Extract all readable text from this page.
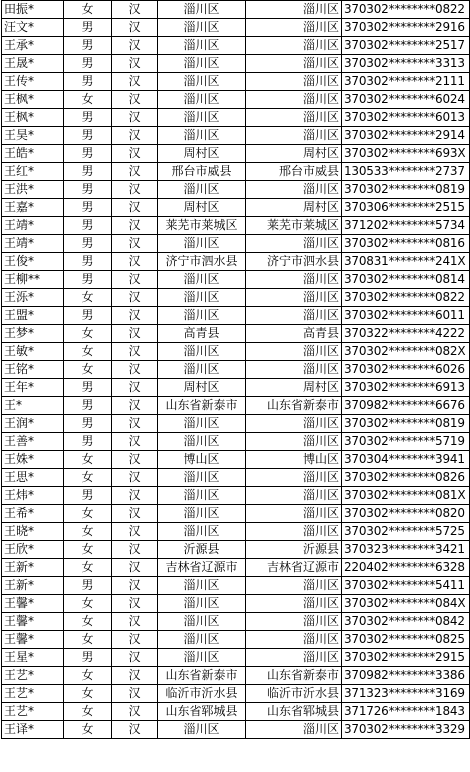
田振*	女	汉	淄川区	淄川区	370302********0822
汪文*	男	汉	淄川区	淄川区	370302********2916
王承*	男	汉	淄川区	淄川区	370302********2517
王晟*	男	汉	淄川区	淄川区	370302********3313
王传*	男	汉	淄川区	淄川区	370302********2111
王枫*	女	汉	淄川区	淄川区	370302********6024
王枫*	男	汉	淄川区	淄川区	370302********6013
王昊*	男	汉	淄川区	淄川区	370302********2914
王皓*	男	汉	周村区	周村区	370302********693X
王红*	男	汉	邢台市威县	邢台市威县	130533********2737
王洪*	男	汉	淄川区	淄川区	370302********0819
王嘉*	男	汉	周村区	周村区	370306********2515
王靖*	男	汉	莱芜市莱城区	莱芜市莱城区	371202********5734
王靖*	男	汉	淄川区	淄川区	370302********0816
王俊*	男	汉	济宁市泗水县	济宁市泗水县	370831********241X
王柳**	男	汉	淄川区	淄川区	370302********0814
王泺*	女	汉	淄川区	淄川区	370302********0822
王盟*	男	汉	淄川区	淄川区	370302********6011
王梦*	女	汉	高青县	高青县	370322********4222
王敏*	女	汉	淄川区	淄川区	370302********082X
王铭*	女	汉	淄川区	淄川区	370302********6026
王年*	男	汉	周村区	周村区	370302********6913
王*	男	汉	山东省新泰市	山东省新泰市	370982********6676
王润*	男	汉	淄川区	淄川区	370302********0819
王善*	男	汉	淄川区	淄川区	370302********5719
王姝*	女	汉	博山区	博山区	370304********3941
王思*	女	汉	淄川区	淄川区	370302********0826
王炜*	男	汉	淄川区	淄川区	370302********081X
王希*	女	汉	淄川区	淄川区	370302********0820
王晓*	女	汉	淄川区	淄川区	370302********5725
王欣*	女	汉	沂源县	沂源县	370323********3421
王新*	女	汉	吉林省辽源市	吉林省辽源市	220402********6328
王新*	男	汉	淄川区	淄川区	370302********5411
王馨*	女	汉	淄川区	淄川区	370302********084X
王馨*	女	汉	淄川区	淄川区	370302********0842
王馨*	女	汉	淄川区	淄川区	370302********0825
王星*	男	汉	淄川区	淄川区	370302********2915
王艺*	女	汉	山东省新泰市	山东省新泰市	370982********3386
王艺*	女	汉	临沂市沂水县	临沂市沂水县	371323********3169
王艺*	女	汉	山东省郓城县	山东省郓城县	371726********1843
王译*	女	汉	淄川区	淄川区	370302********3329
